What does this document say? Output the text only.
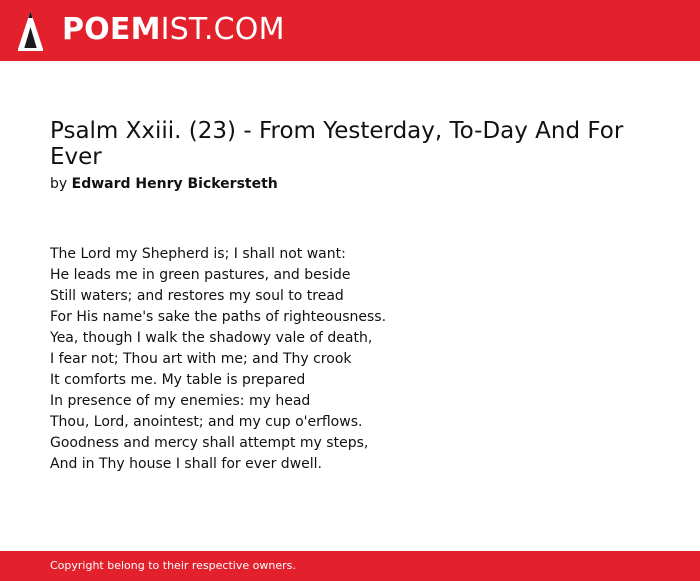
POEMIST.COM
Psalm Xxiii. (23) - From Yesterday, To-Day And For Ever
by Edward Henry Bickersteth
The Lord my Shepherd is; I shall not want:
He leads me in green pastures, and beside
Still waters; and restores my soul to tread
For His name's sake the paths of righteousness.
Yea, though I walk the shadowy vale of death,
I fear not; Thou art with me; and Thy crook
It comforts me. My table is prepared
In presence of my enemies: my head
Thou, Lord, anointest; and my cup o'erflows.
Goodness and mercy shall attempt my steps,
And in Thy house I shall for ever dwell.
Copyright belong to their respective owners.
